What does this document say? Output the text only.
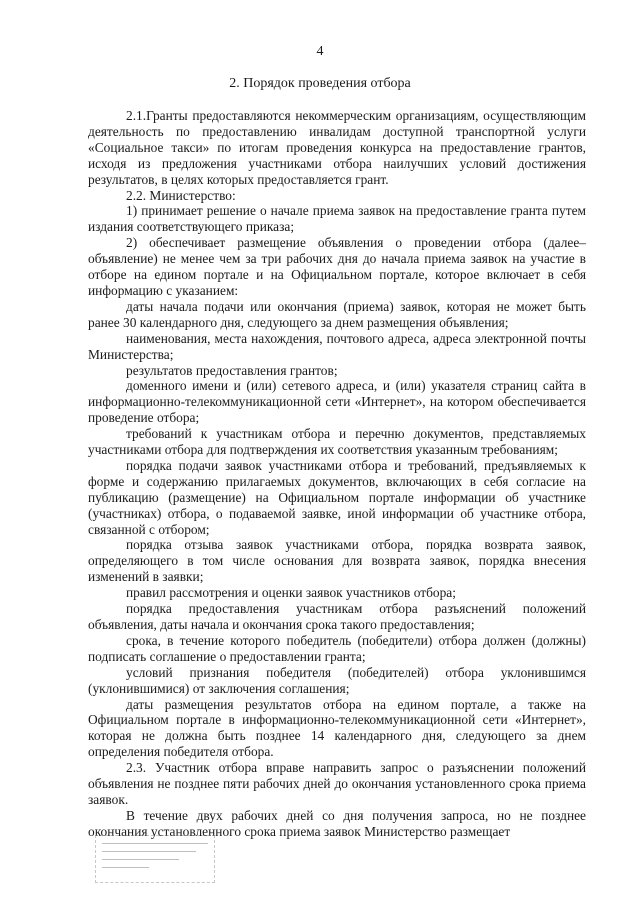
4
2. Порядок проведения отбора

2.1.Гранты предоставляются некоммерческим организациям, осуществляющим деятельность по предоставлению инвалидам доступной транспортной услуги «Социальное такси» по итогам проведения конкурса на предоставление грантов, исходя из предложения участниками отбора наилучших условий достижения результатов, в целях которых предоставляется грант.

2.2. Министерство:

1) принимает решение о начале приема заявок на предоставление гранта путем издания соответствующего приказа;

2) обеспечивает размещение объявления о проведении отбора (далее–объявление) не менее чем за три рабочих дня до начала приема заявок на участие в отборе на едином портале и на Официальном портале, которое включает в себя информацию с указанием:

даты начала подачи или окончания (приема) заявок, которая не может быть ранее 30 календарного дня, следующего за днем размещения объявления;

наименования, места нахождения, почтового адреса, адреса электронной почты Министерства;

результатов предоставления грантов;

доменного имени и (или) сетевого адреса, и (или) указателя страниц сайта в информационно-телекоммуникационной сети «Интернет», на котором обеспечивается проведение отбора;

требований к участникам отбора и перечню документов, представляемых участниками отбора для подтверждения их соответствия указанным требованиям;

порядка подачи заявок участниками отбора и требований, предъявляемых к форме и содержанию прилагаемых документов, включающих в себя согласие на публикацию (размещение) на Официальном портале информации об участнике (участниках) отбора, о подаваемой заявке, иной информации об участнике отбора, связанной с отбором;

порядка отзыва заявок участниками отбора, порядка возврата заявок, определяющего в том числе основания для возврата заявок, порядка внесения изменений в заявки;

правил рассмотрения и оценки заявок участников отбора;

порядка предоставления участникам отбора разъяснений положений объявления, даты начала и окончания срока такого предоставления;

срока, в течение которого победитель (победители) отбора должен (должны) подписать соглашение о предоставлении гранта;

условий признания победителя (победителей) отбора уклонившимся (уклонившимися) от заключения соглашения;

даты размещения результатов отбора на едином портале, а также на Официальном портале в информационно-телекоммуникационной сети «Интернет», которая не должна быть позднее 14 календарного дня, следующего за днем определения победителя отбора.

2.3. Участник отбора вправе направить запрос о разъяснении положений объявления не позднее пяти рабочих дней до окончания установленного срока приема заявок.

В течение двух рабочих дней со дня получения запроса, но не позднее окончания установленного срока приема заявок Министерство размещает
